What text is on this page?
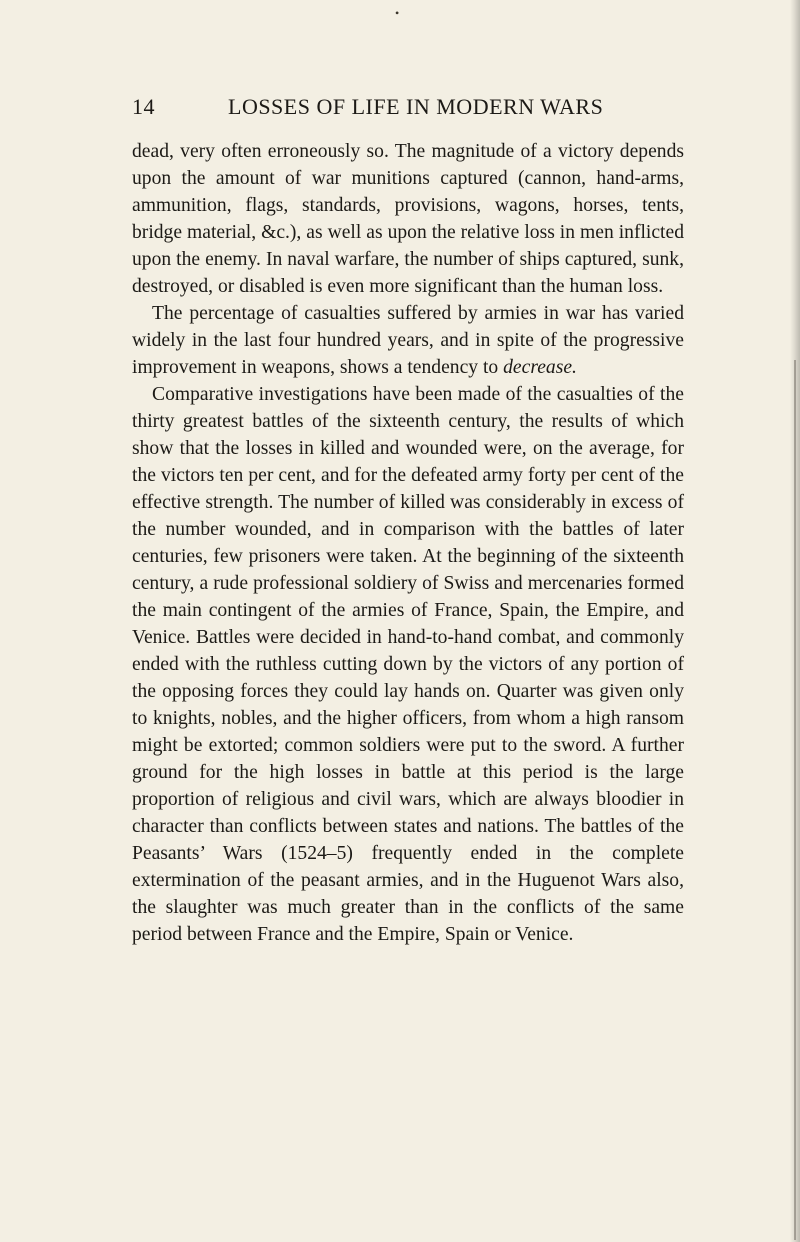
•
14	LOSSES OF LIFE IN MODERN WARS

dead, very often erroneously so. The magnitude of a victory depends upon the amount of war munitions captured (cannon, hand-arms, ammunition, flags, standards, provisions, wagons, horses, tents, bridge material, &c.), as well as upon the relative loss in men inflicted upon the enemy. In naval warfare, the number of ships captured, sunk, destroyed, or disabled is even more significant than the human loss.

The percentage of casualties suffered by armies in war has varied widely in the last four hundred years, and in spite of the progressive improvement in weapons, shows a tendency to decrease.

Comparative investigations have been made of the casualties of the thirty greatest battles of the sixteenth century, the results of which show that the losses in killed and wounded were, on the average, for the victors ten per cent, and for the defeated army forty per cent of the effective strength. The number of killed was considerably in excess of the number wounded, and in comparison with the battles of later centuries, few prisoners were taken. At the beginning of the sixteenth century, a rude professional soldiery of Swiss and mercenaries formed the main contingent of the armies of France, Spain, the Empire, and Venice. Battles were decided in hand-to-hand combat, and commonly ended with the ruthless cutting down by the victors of any portion of the opposing forces they could lay hands on. Quarter was given only to knights, nobles, and the higher officers, from whom a high ransom might be extorted; common soldiers were put to the sword. A further ground for the high losses in battle at this period is the large proportion of religious and civil wars, which are always bloodier in character than conflicts between states and nations. The battles of the Peasants’ Wars (1524–5) frequently ended in the complete extermination of the peasant armies, and in the Huguenot Wars also, the slaughter was much greater than in the conflicts of the same period between France and the Empire, Spain or Venice.
